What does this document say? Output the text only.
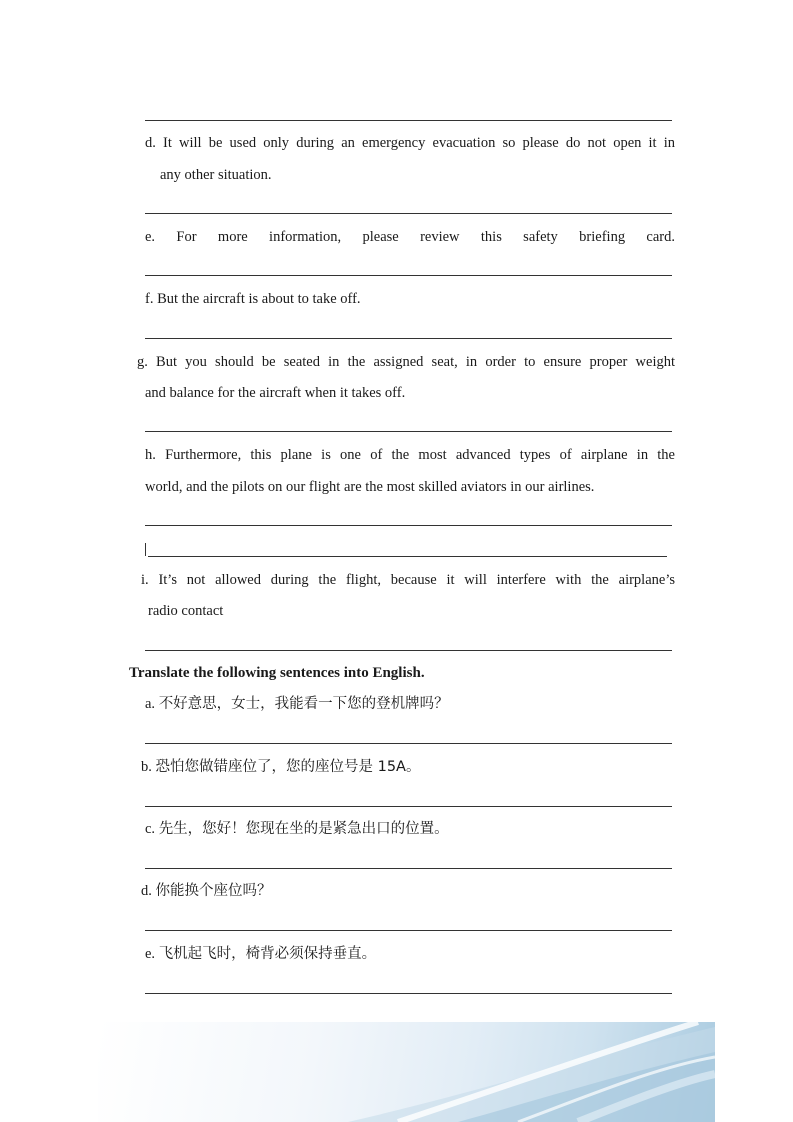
d. It will be used only during an emergency evacuation so please do not open it in
any other situation.
e. For more information, please review this safety briefing card.
f. But the aircraft is about to take off.
g. But you should be seated in the assigned seat, in order to ensure proper weight
and balance for the aircraft when it takes off.
h. Furthermore, this plane is one of the most advanced types of airplane in the
world, and the pilots on our flight are the most skilled aviators in our airlines.
i. It’s not allowed during the flight, because it will interfere with the airplane’s
radio contact
Translate the following sentences into English.
a. 不好意思，女士，我能看一下您的登机牌吗？
b. 恐怕您做错座位了，您的座位号是 15A。
c. 先生，您好！您现在坐的是紧急出口的位置。
d. 你能换个座位吗？
e. 飞机起飞时，椅背必须保持垂直。
